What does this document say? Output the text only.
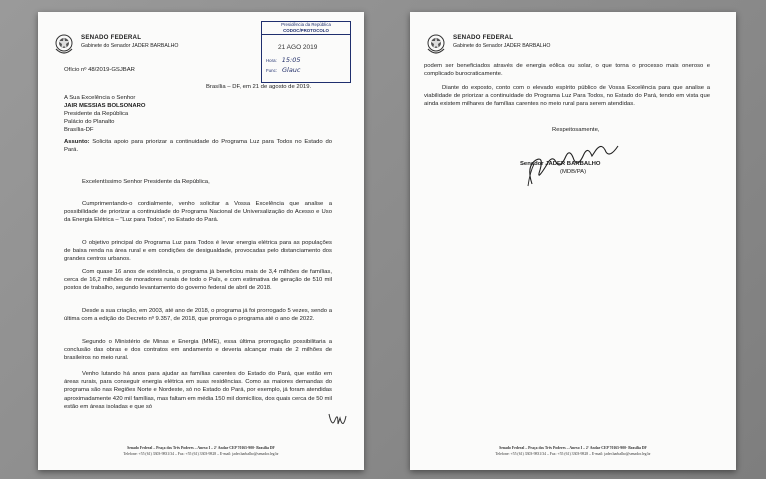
SENADO FEDERAL
Gabinete do Senador JADER BARBALHO
Presidência da República
CODOC/PROTOCOLO
21 AGO 2019
Hora: 15:05
Func: Glauc

Ofício nº 48/2019-GSJBAR

Brasília – DF, em 21 de agosto de 2019.

A Sua Excelência o Senhor

JAIR MESSIAS BOLSONARO

Presidente da República

Palácio do Planalto

Brasília-DF

Assunto: Solicita apoio para priorizar a continuidade do Programa Luz para Todos no Estado do Pará.

Excelentíssimo Senhor Presidente da República,

Cumprimentando-o cordialmente, venho solicitar a Vossa Excelência que analise a possibilidade de priorizar a continuidade do Programa Nacional de Universalização do Acesso e Uso da Energia Elétrica – "Luz para Todos", no Estado do Pará.

O objetivo principal do Programa Luz para Todos é levar energia elétrica para as populações de baixa renda na área rural e em condições de desigualdade, provocadas pelo distanciamento dos grandes centros urbanos.

Com quase 16 anos de existência, o programa já beneficiou mais de 3,4 milhões de famílias, cerca de 16,2 milhões de moradores rurais de todo o País, e com estimativa de geração de 510 mil postos de trabalho, segundo levantamento do governo federal de abril de 2018.

Desde a sua criação, em 2003, até ano de 2018, o programa já foi prorrogado 5 vezes, sendo a última com a edição do Decreto nº 9.357, de 2018, que prorroga o programa até o ano de 2022.

Segundo o Ministério de Minas e Energia (MME), essa última prorrogação possibilitaria a conclusão das obras e dos contratos em andamento e deveria alcançar mais de 2 milhões de brasileiros no meio rural.

Venho lutando há anos para ajudar as famílias carentes do Estado do Pará, que estão em áreas rurais, para conseguir energia elétrica em suas residências. Como as maiores demandas do programa são nas Regiões Norte e Nordeste, só no Estado do Pará, por exemplo, já foram atendidas aproximadamente 420 mil famílias, mas faltam em média 150 mil domicílios, dos quais cerca de 50 mil estão em áreas isoladas e que só

Senado Federal – Praça dos Três Poderes – Anexo I – 2º Andar CEP 70165-900- Brasília DF
Telefone: +55 (61) 3303-9831/34 – Fax: +55 (61) 3303-9828 – E-mail: jader.barbalho@senador.leg.br
SENADO FEDERAL
Gabinete do Senador JADER BARBALHO

podem ser beneficiados através de energia eólica ou solar, o que torna o processo mais oneroso e complicado burocraticamente.

Diante do exposto, conto com o elevado espírito público de Vossa Excelência para que analise a viabilidade de priorizar a continuidade do Programa Luz Para Todos, no Estado do Pará, tendo em vista que ainda existem milhares de famílias carentes no meio rural para serem atendidas.

Respeitosamente,

Senador JADER BARBALHO

(MDB/PA)

Senado Federal – Praça dos Três Poderes – Anexo I – 2º Andar CEP 70165-900- Brasília DF
Telefone: +55 (61) 3303-9831/34 – Fax: +55 (61) 3303-9828 – E-mail: jader.barbalho@senador.leg.br
